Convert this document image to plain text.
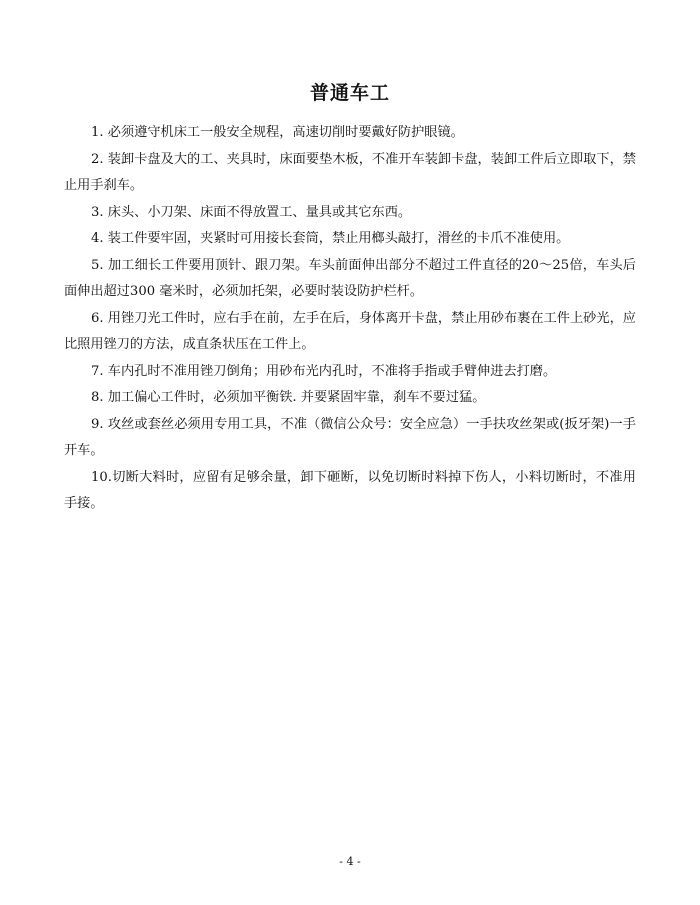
普通车工

1. 必须遵守机床工一般安全规程，高速切削时要戴好防护眼镜。

2. 装卸卡盘及大的工、夹具时，床面要垫木板，不准开车装卸卡盘，装卸工件后立即取下，禁止用手刹车。

3. 床头、小刀架、床面不得放置工、量具或其它东西。

4. 装工件要牢固，夹紧时可用接长套筒，禁止用榔头敲打，滑丝的卡爪不准使用。

5. 加工细长工件要用顶针、跟刀架。车头前面伸出部分不超过工件直径的20～25倍，车头后面伸出超过300 毫米时，必须加托架，必要时装设防护栏杆。

6. 用锉刀光工件时，应右手在前，左手在后，身体离开卡盘，禁止用砂布裹在工件上砂光，应比照用锉刀的方法，成直条状压在工件上。

7. 车内孔时不准用锉刀倒角；用砂布光内孔时，不准将手指或手臂伸进去打磨。

8. 加工偏心工件时，必须加平衡铁. 并要紧固牢靠，刹车不要过猛。

9. 攻丝或套丝必须用专用工具，不准（微信公众号：安全应急）一手扶攻丝架或(扳牙架)一手开车。

10.切断大料时，应留有足够余量，卸下砸断，以免切断时料掉下伤人，小料切断时，不准用手接。

- 4 -
